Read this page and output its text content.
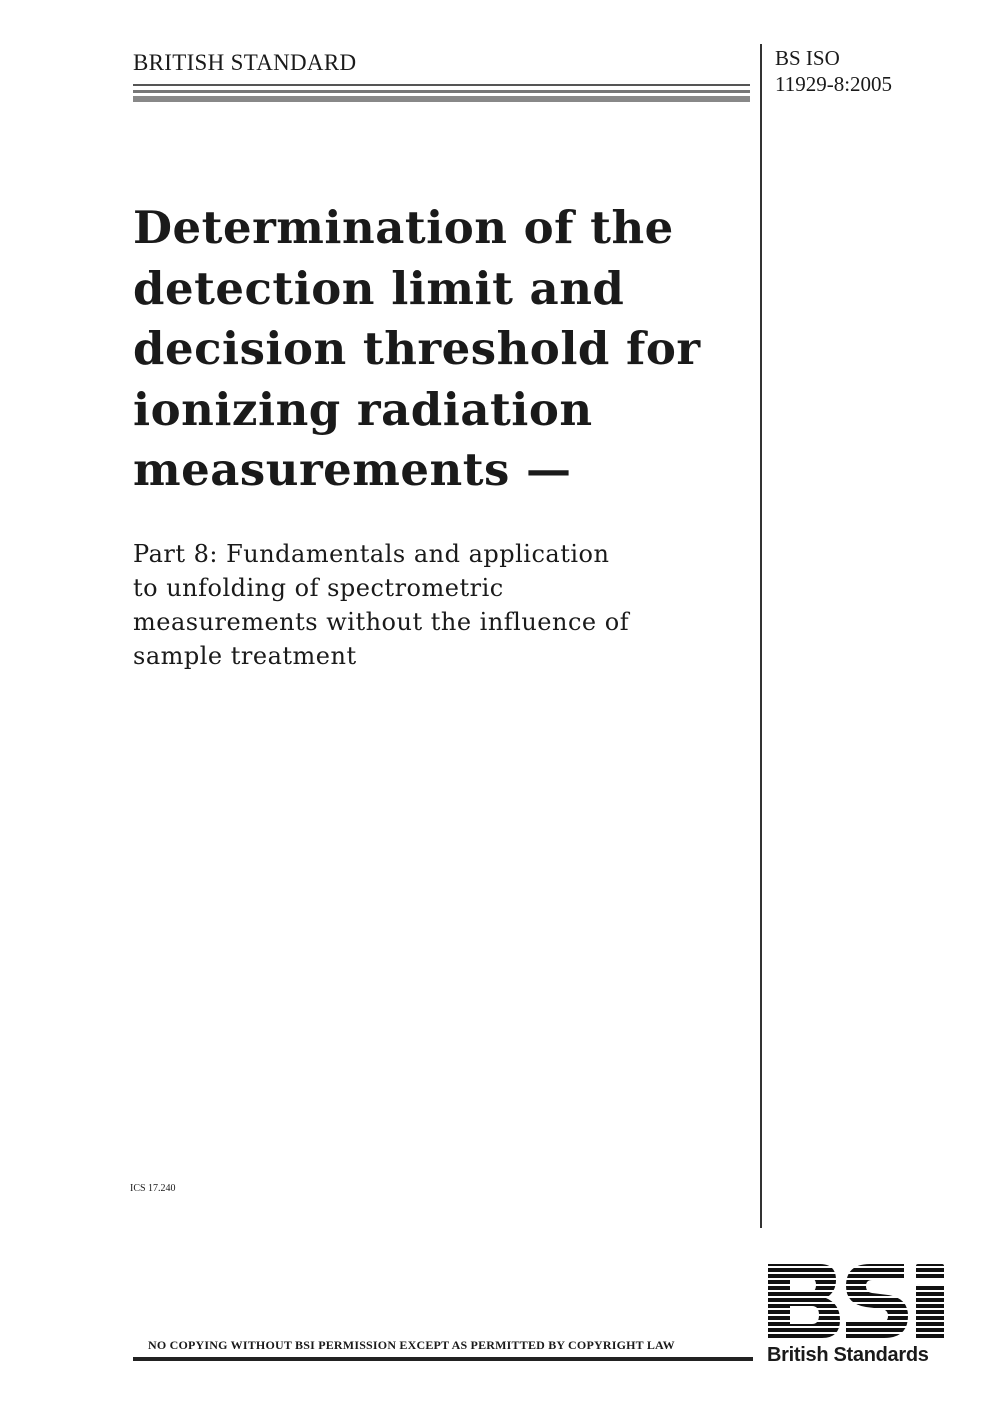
BRITISH STANDARD	BS ISO
11929-8:2005
Determination of the
detection limit and
decision threshold for
ionizing radiation
measurements —
Part 8: Fundamentals and application
to unfolding of spectrometric
measurements without the influence of
sample treatment
ICS 17.240
NO COPYING WITHOUT BSI PERMISSION EXCEPT AS PERMITTED BY COPYRIGHT LAW	British Standards
